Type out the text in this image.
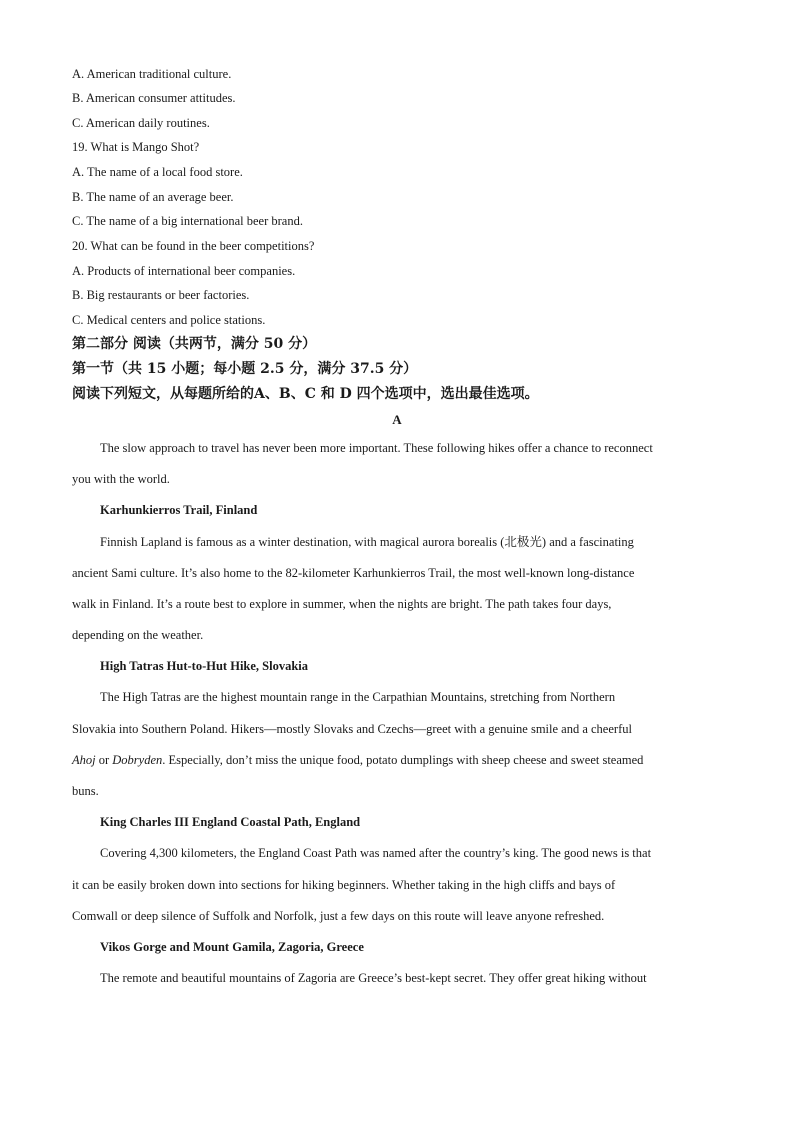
A. American traditional culture.
B. American consumer attitudes.
C. American daily routines.
19. What is Mango Shot?
A. The name of a local food store.
B. The name of an average beer.
C. The name of a big international beer brand.
20. What can be found in the beer competitions?
A. Products of international beer companies.
B. Big restaurants or beer factories.
C. Medical centers and police stations.
第二部分 阅读（共两节，满分 50 分）
第一节（共 15 小题；每小题 2.5 分，满分 37.5 分）
阅读下列短文，从每题所给的A、B、C 和 D 四个选项中，选出最佳选项。
A
The slow approach to travel has never been more important. These following hikes offer a chance to reconnect
you with the world.
Karhunkierros Trail, Finland
Finnish Lapland is famous as a winter destination, with magical aurora borealis (北极光) and a fascinating
ancient Sami culture. It’s also home to the 82-kilometer Karhunkierros Trail, the most well-known long-distance
walk in Finland. It’s a route best to explore in summer, when the nights are bright. The path takes four days,
depending on the weather.
High Tatras Hut-to-Hut Hike, Slovakia
The High Tatras are the highest mountain range in the Carpathian Mountains, stretching from Northern
Slovakia into Southern Poland. Hikers—mostly Slovaks and Czechs—greet with a genuine smile and a cheerful
Ahoj or Dobryden. Especially, don’t miss the unique food, potato dumplings with sheep cheese and sweet steamed
buns.
King Charles III England Coastal Path, England
Covering 4,300 kilometers, the England Coast Path was named after the country’s king. The good news is that
it can be easily broken down into sections for hiking beginners. Whether taking in the high cliffs and bays of
Comwall or deep silence of Suffolk and Norfolk, just a few days on this route will leave anyone refreshed.
Vikos Gorge and Mount Gamila, Zagoria, Greece
The remote and beautiful mountains of Zagoria are Greece’s best-kept secret. They offer great hiking without
